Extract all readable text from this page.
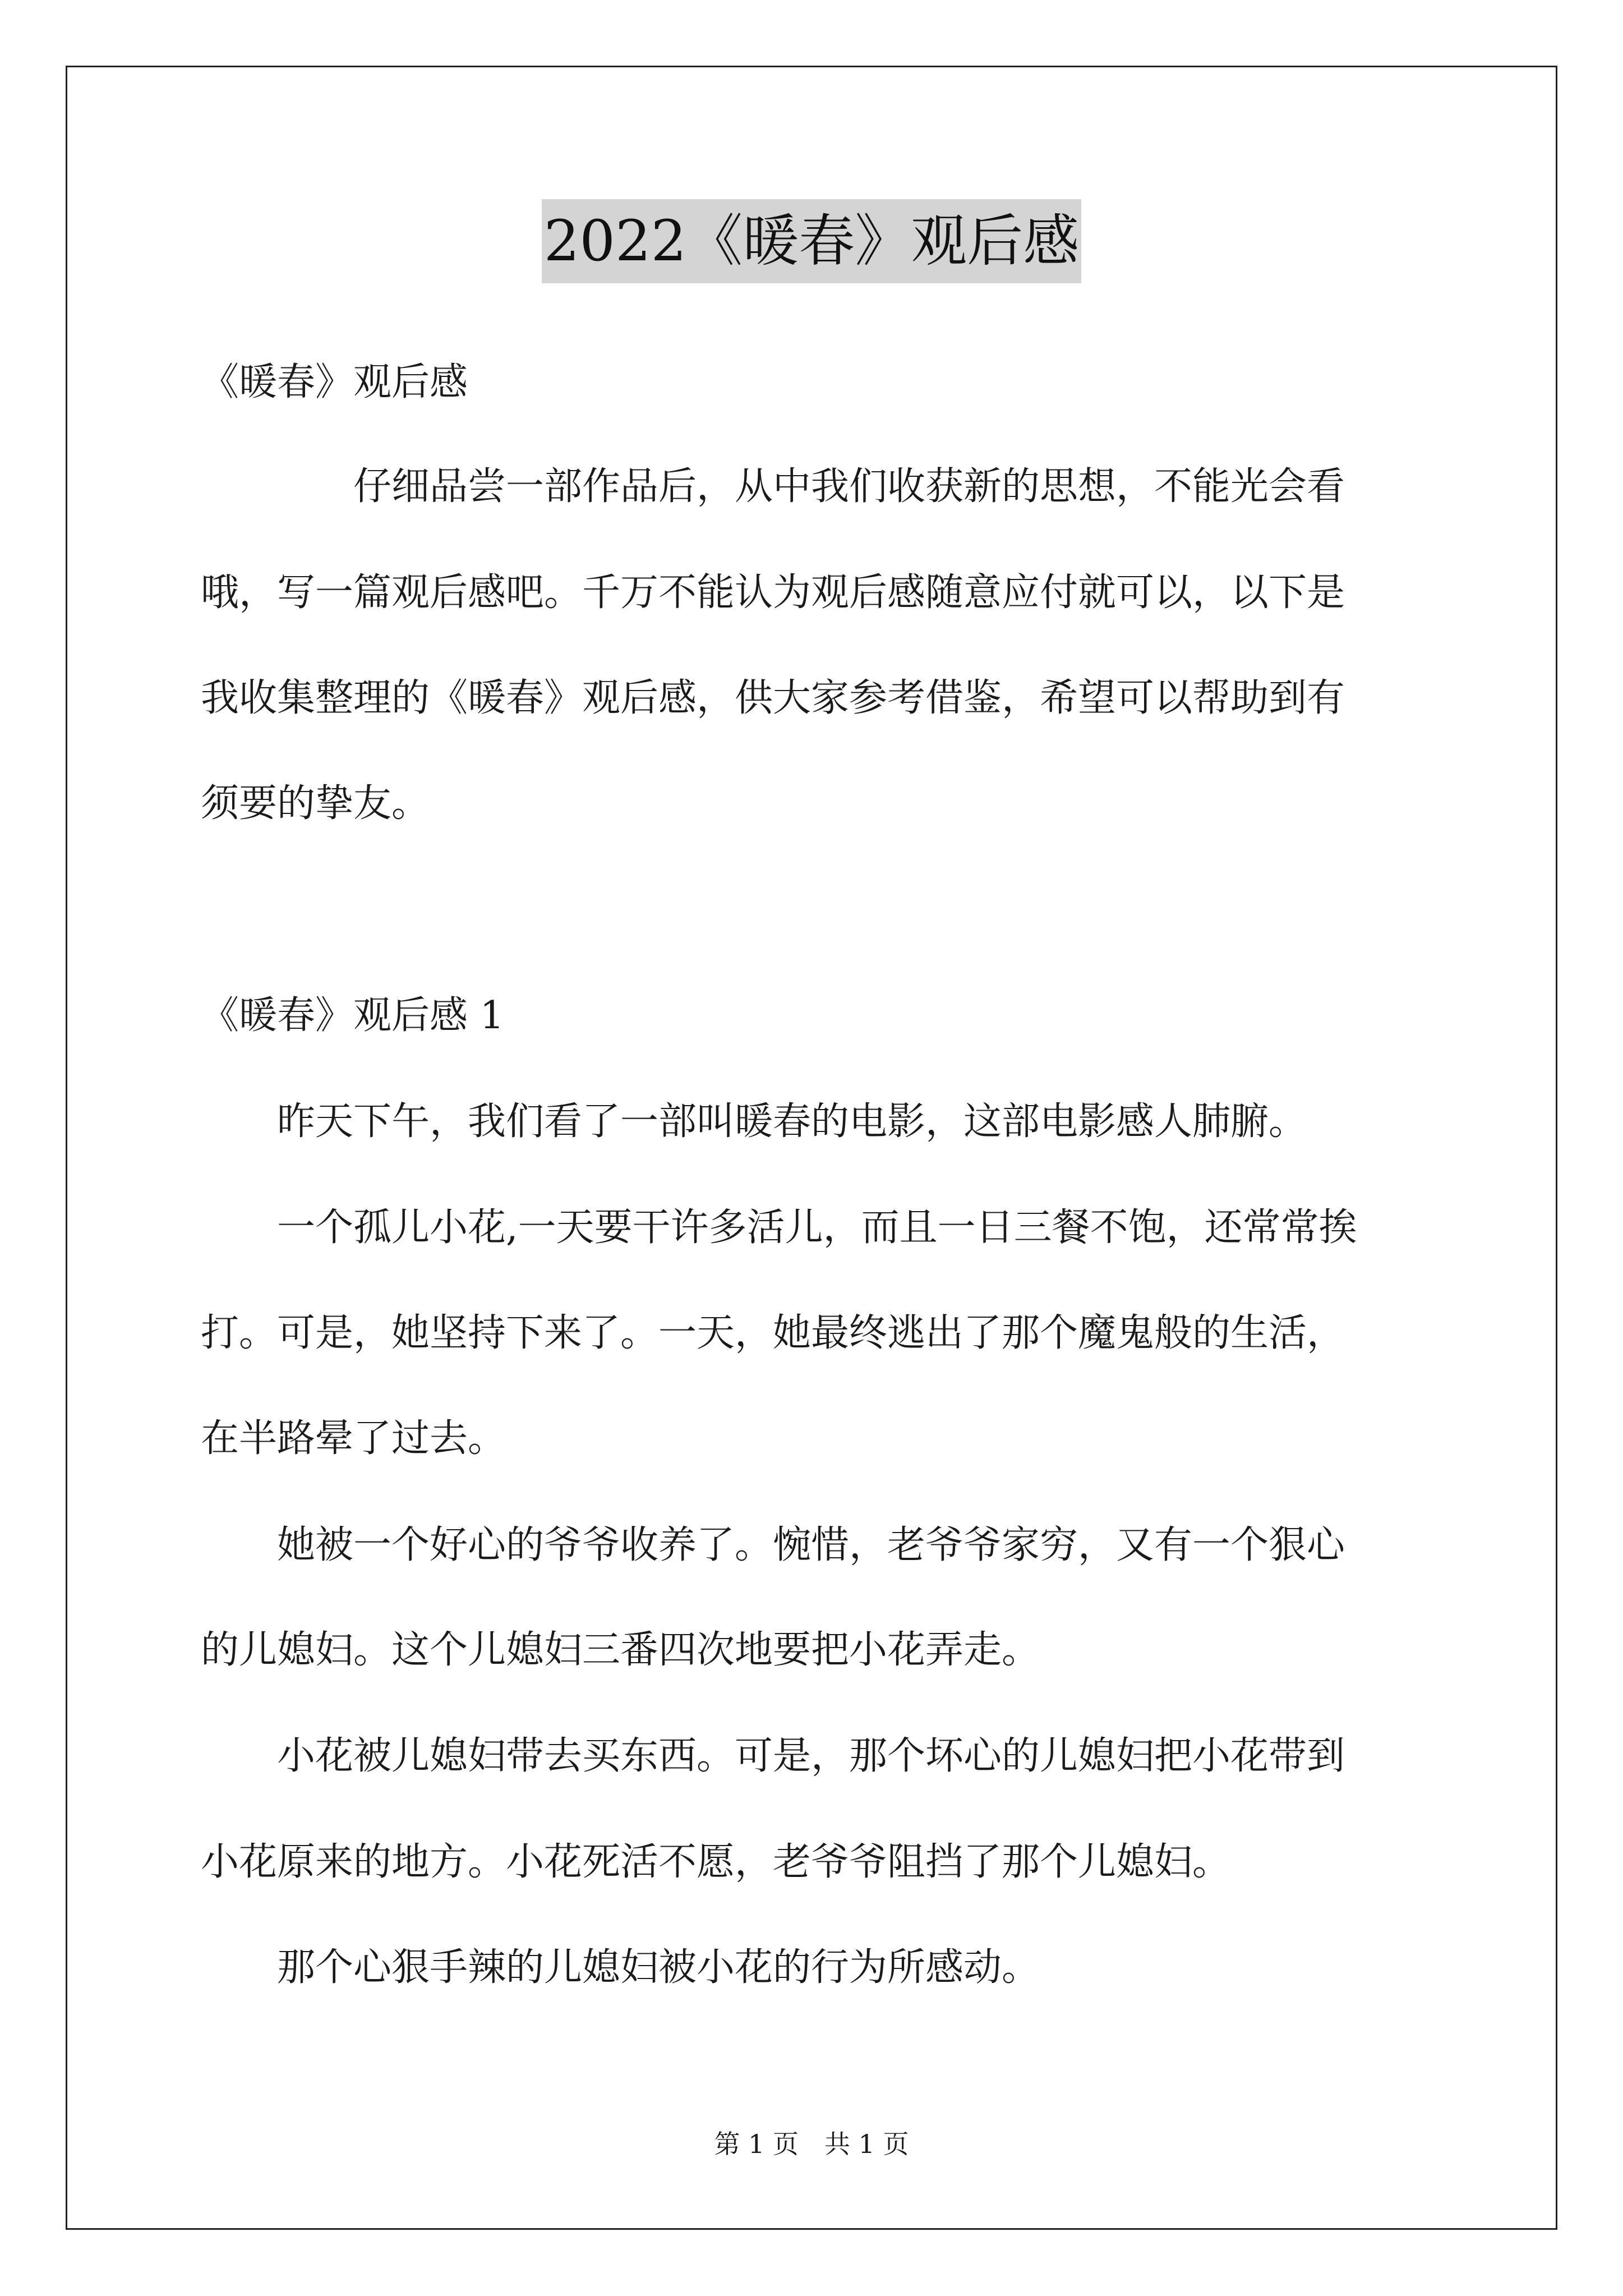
2022《暖春》观后感
《暖春》观后感
　　　　仔细品尝一部作品后，从中我们收获新的思想，不能光会看
哦，写一篇观后感吧。千万不能认为观后感随意应付就可以，以下是
我收集整理的《暖春》观后感，供大家参考借鉴，希望可以帮助到有
须要的挚友。
《暖春》观后感 1
　　昨天下午，我们看了一部叫暖春的电影，这部电影感人肺腑。
　　一个孤儿小花,一天要干许多活儿，而且一日三餐不饱，还常常挨
打。可是，她坚持下来了。一天，她最终逃出了那个魔鬼般的生活，
在半路晕了过去。
　　她被一个好心的爷爷收养了。惋惜，老爷爷家穷，又有一个狠心
的儿媳妇。这个儿媳妇三番四次地要把小花弄走。
　　小花被儿媳妇带去买东西。可是，那个坏心的儿媳妇把小花带到
小花原来的地方。小花死活不愿，老爷爷阻挡了那个儿媳妇。
　　那个心狠手辣的儿媳妇被小花的行为所感动。
第 1 页　共 1 页
